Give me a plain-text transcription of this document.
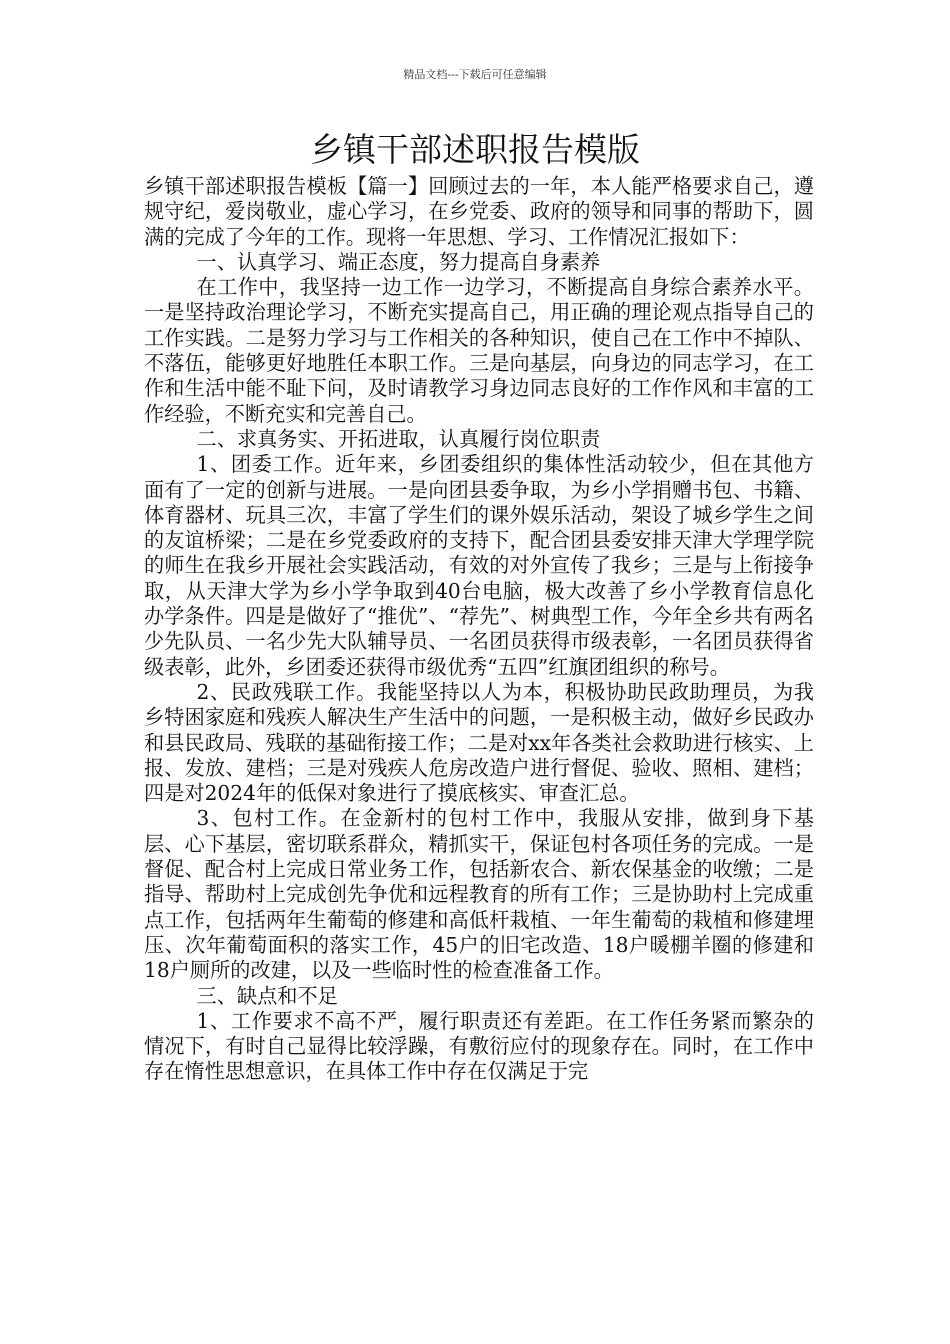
精品文档---下载后可任意编辑
乡镇干部述职报告模版

乡镇干部述职报告模板【篇一】回顾过去的一年，本人能严格要求自己，遵规守纪，爱岗敬业，虚心学习，在乡党委、政府的领导和同事的帮助下，圆满的完成了今年的工作。现将一年思想、学习、工作情况汇报如下：

一、认真学习、端正态度，努力提高自身素养

在工作中，我坚持一边工作一边学习，不断提高自身综合素养水平。一是坚持政治理论学习，不断充实提高自己，用正确的理论观点指导自己的工作实践。二是努力学习与工作相关的各种知识，使自己在工作中不掉队、不落伍，能够更好地胜任本职工作。三是向基层，向身边的同志学习，在工作和生活中能不耻下问，及时请教学习身边同志良好的工作作风和丰富的工作经验，不断充实和完善自己。

二、求真务实、开拓进取，认真履行岗位职责

1、团委工作。近年来，乡团委组织的集体性活动较少，但在其他方面有了一定的创新与进展。一是向团县委争取，为乡小学捐赠书包、书籍、体育器材、玩具三次，丰富了学生们的课外娱乐活动，架设了城乡学生之间的友谊桥梁；二是在乡党委政府的支持下，配合团县委安排天津大学理学院的师生在我乡开展社会实践活动，有效的对外宣传了我乡；三是与上衔接争取，从天津大学为乡小学争取到40台电脑，极大改善了乡小学教育信息化办学条件。四是是做好了“推优”、“荐先”、树典型工作，今年全乡共有两名少先队员、一名少先大队辅导员、一名团员获得市级表彰，一名团员获得省级表彰，此外，乡团委还获得市级优秀“五四”红旗团组织的称号。

2、民政残联工作。我能坚持以人为本，积极协助民政助理员，为我乡特困家庭和残疾人解决生产生活中的问题，一是积极主动，做好乡民政办和县民政局、残联的基础衔接工作；二是对xx年各类社会救助进行核实、上报、发放、建档；三是对残疾人危房改造户进行督促、验收、照相、建档；四是对2024年的低保对象进行了摸底核实、审查汇总。

3、包村工作。在金新村的包村工作中，我服从安排，做到身下基层、心下基层，密切联系群众，精抓实干，保证包村各项任务的完成。一是督促、配合村上完成日常业务工作，包括新农合、新农保基金的收缴；二是指导、帮助村上完成创先争优和远程教育的所有工作；三是协助村上完成重点工作，包括两年生葡萄的修建和高低杆栽植、一年生葡萄的栽植和修建埋压、次年葡萄面积的落实工作，45户的旧宅改造、18户暖棚羊圈的修建和18户厕所的改建，以及一些临时性的检查准备工作。

三、缺点和不足

1、工作要求不高不严，履行职责还有差距。在工作任务紧而繁杂的情况下，有时自己显得比较浮躁，有敷衍应付的现象存在。同时，在工作中存在惰性思想意识，在具体工作中存在仅满足于完
